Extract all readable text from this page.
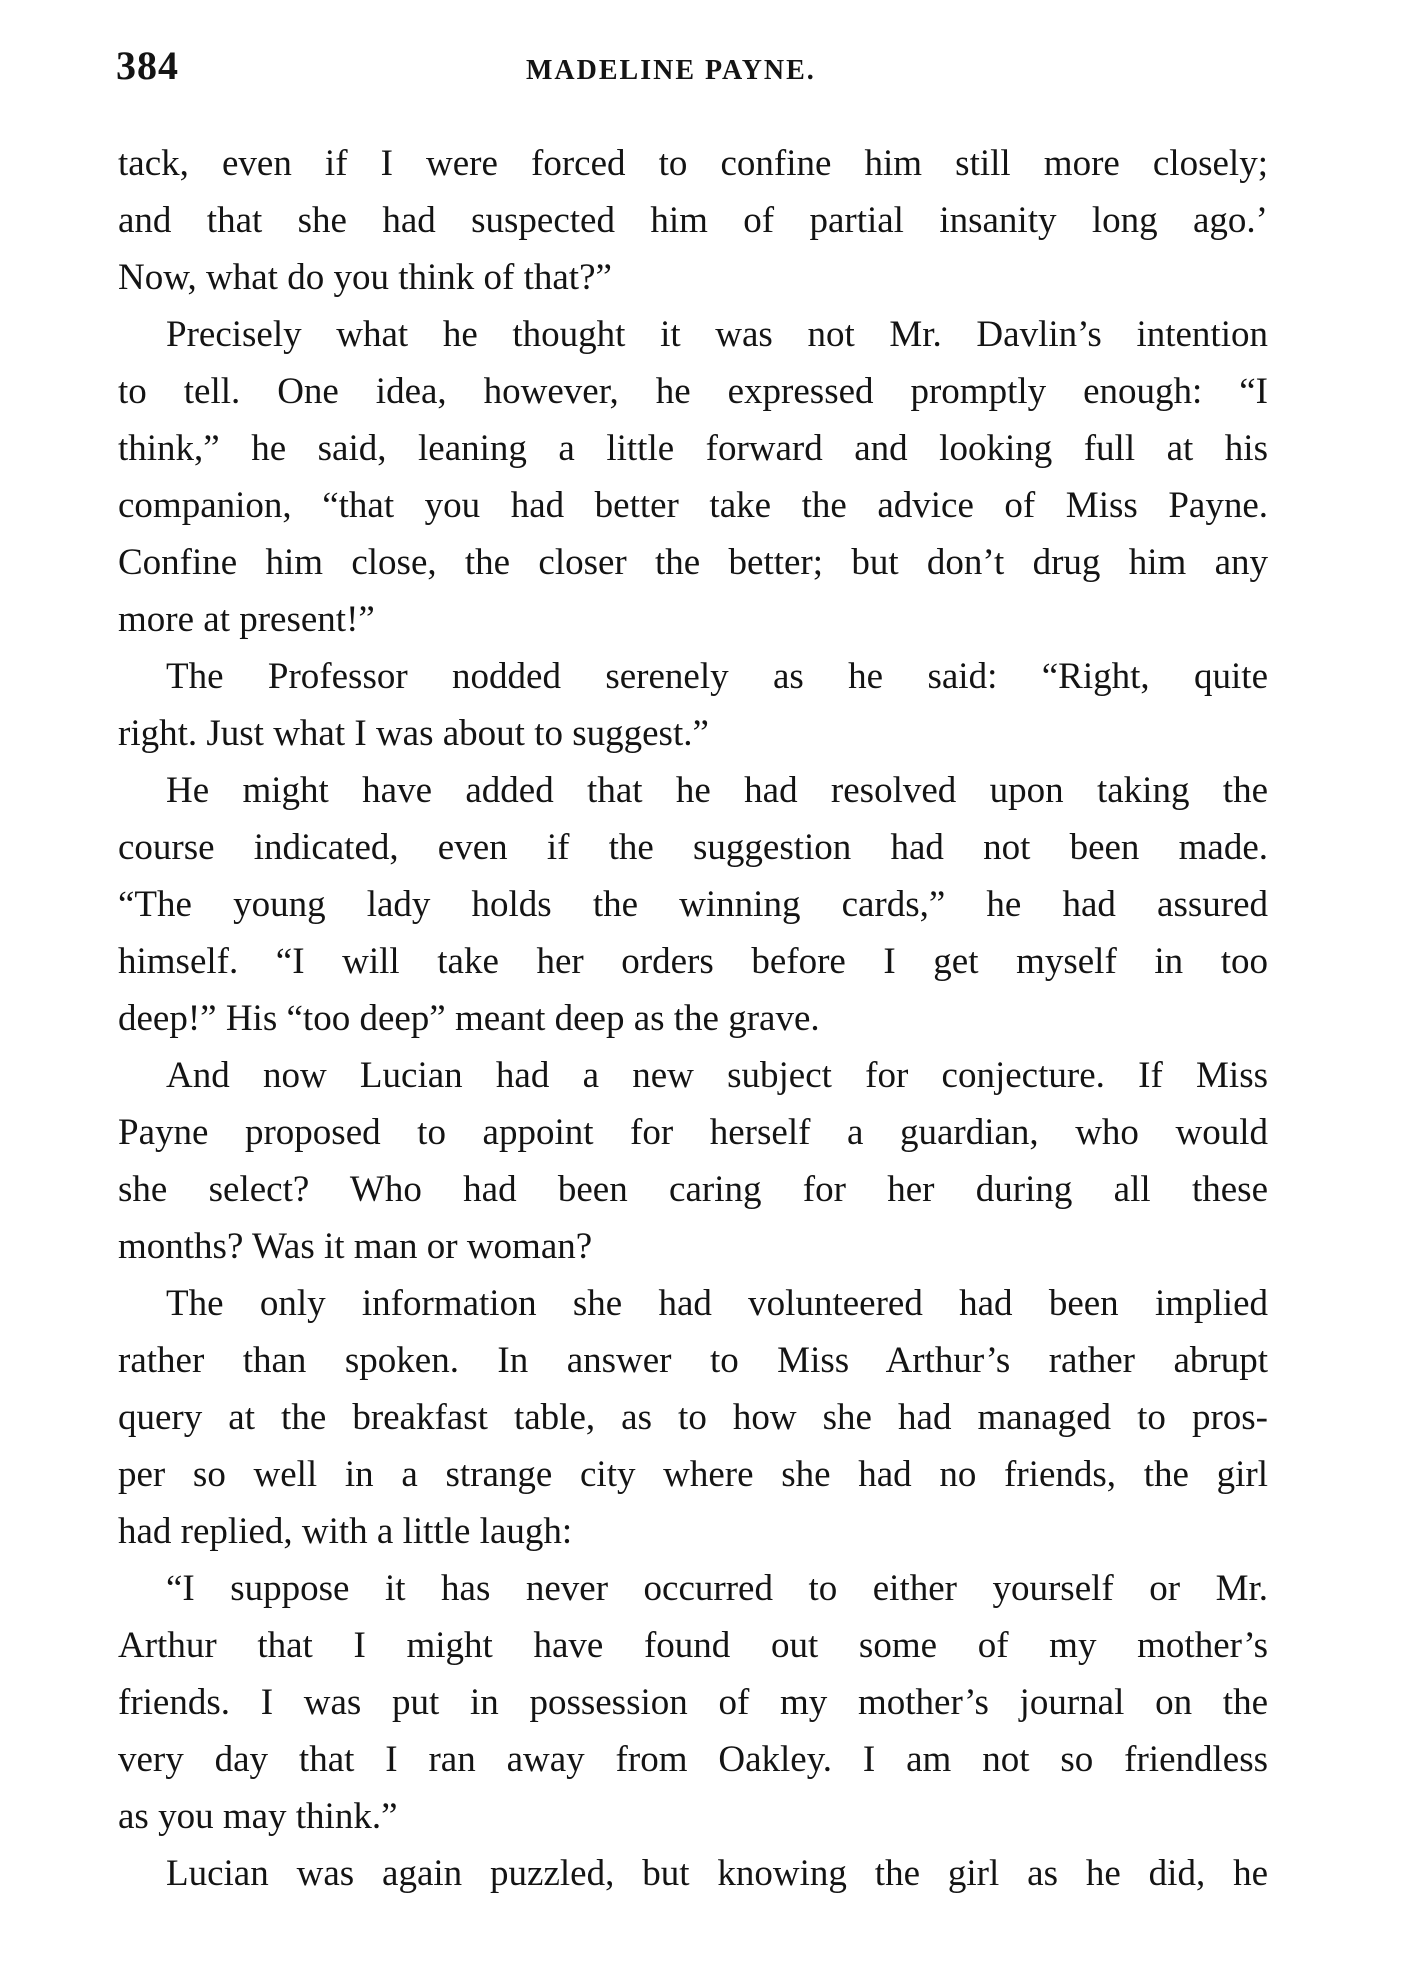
384	MADELINE PAYNE.
tack, even if I were forced to confine him still more closely;
and that she had suspected him of partial insanity long ago.’
Now, what do you think of that?”
Precisely what he thought it was not Mr. Davlin’s intention
to tell. One idea, however, he expressed promptly enough: “I
think,” he said, leaning a little forward and looking full at his
companion, “that you had better take the advice of Miss Payne.
Confine him close, the closer the better; but don’t drug him any
more at present!”
The Professor nodded serenely as he said: “Right, quite
right. Just what I was about to suggest.”
He might have added that he had resolved upon taking the
course indicated, even if the suggestion had not been made.
“The young lady holds the winning cards,” he had assured
himself. “I will take her orders before I get myself in too
deep!” His “too deep” meant deep as the grave.
And now Lucian had a new subject for conjecture. If Miss
Payne proposed to appoint for herself a guardian, who would
she select? Who had been caring for her during all these
months? Was it man or woman?
The only information she had volunteered had been implied
rather than spoken. In answer to Miss Arthur’s rather abrupt
query at the breakfast table, as to how she had managed to pros-
per so well in a strange city where she had no friends, the girl
had replied, with a little laugh:
“I suppose it has never occurred to either yourself or Mr.
Arthur that I might have found out some of my mother’s
friends. I was put in possession of my mother’s journal on the
very day that I ran away from Oakley. I am not so friendless
as you may think.”
Lucian was again puzzled, but knowing the girl as he did, he
